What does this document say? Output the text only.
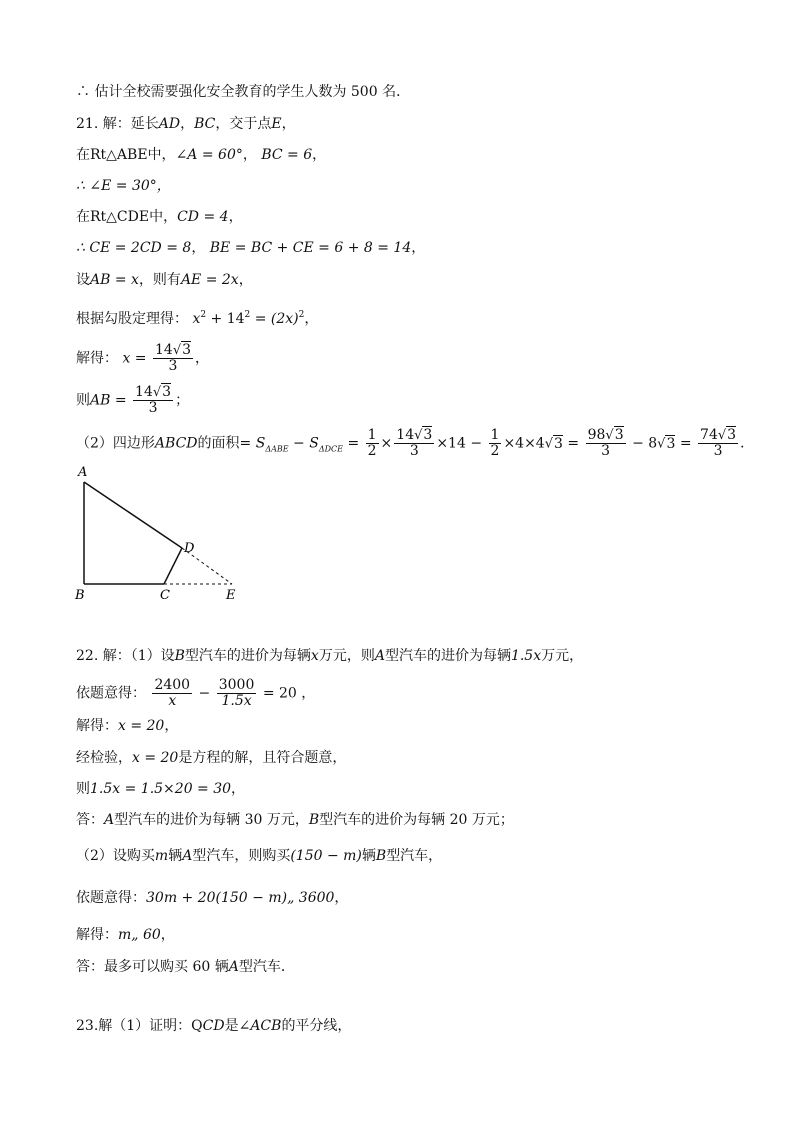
∴ 估计全校需要强化安全教育的学生人数为 500 名．
21. 解：延长AD，BC，交于点E，
在Rt△ABE中，∠A = 60°， BC = 6，
∴ ∠E = 30°，
在Rt△CDE中，CD = 4，
∴ CE = 2CD = 8， BE = BC + CE = 6 + 8 = 14，
设AB = x，则有AE = 2x，
根据勾股定理得： $x^2 + 14^2 = (2x)^2$，
解得： $x = \frac{14√3}{3}$ ，
则AB = $\frac{14√3}{3}$ ；
（2）四边形ABCD的面积= $S_{\Delta ABE} - S_{\Delta DCE} = \frac{1}{2} \times \frac{14√3}{3} \times 14 - \frac{1}{2} \times 4\times 4√3 = \frac{98√3}{3} - 8√3 = \frac{74√3}{3}$ ．
A
B	C
D
E
22. 解：（1）设B型汽车的进价为每辆x万元，则A型汽车的进价为每辆1.5x万元，
依题意得： $\frac{2400}{x} - \frac{3000}{1.5x} = 20$ ，
解得：x = 20，
经检验，x = 20是方程的解，且符合题意，
则1.5x = 1.5×20 = 30，
答：A型汽车的进价为每辆 30 万元，B型汽车的进价为每辆 20 万元；
（2）设购买m辆A型汽车，则购买(150 − m)辆B型汽车，
依题意得：30m + 20(150 − m)„ 3600，
解得：m„ 60，
答：最多可以购买 60 辆A型汽车．
23.解（1）证明：QCD是∠ACB的平分线，
